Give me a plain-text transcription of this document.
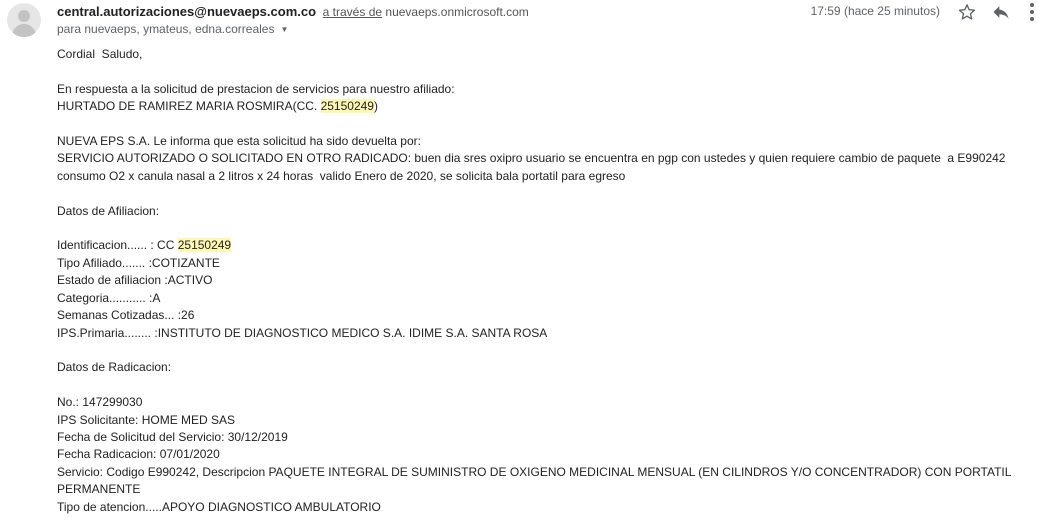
central.autorizaciones@nuevaeps.com.co a través de nuevaeps.onmicrosoft.com
para nuevaeps, ymateus, edna.correales ▼
17:59 (hace 25 minutos)

Cordial  Saludo,

En respuesta a la solicitud de prestacion de servicios para nuestro afiliado:

HURTADO DE RAMIREZ MARIA ROSMIRA(CC. 25150249)

NUEVA EPS S.A. Le informa que esta solicitud ha sido devuelta por:

SERVICIO AUTORIZADO O SOLICITADO EN OTRO RADICADO: buen dia sres oxipro usuario se encuentra en pgp con ustedes y quien requiere cambio de paquete  a E990242

consumo O2 x canula nasal a 2 litros x 24 horas  valido Enero de 2020, se solicita bala portatil para egreso

Datos de Afiliacion:

Identificacion...... : CC 25150249

Tipo Afiliado....... :COTIZANTE

Estado de afiliacion :ACTIVO

Categoria........... :A

Semanas Cotizadas... :26

IPS.Primaria........ :INSTITUTO DE DIAGNOSTICO MEDICO S.A. IDIME S.A. SANTA ROSA

Datos de Radicacion:

No.: 147299030

IPS Solicitante: HOME MED SAS

Fecha de Solicitud del Servicio: 30/12/2019

Fecha Radicacion: 07/01/2020

Servicio: Codigo E990242, Descripcion PAQUETE INTEGRAL DE SUMINISTRO DE OXIGENO MEDICINAL MENSUAL (EN CILINDROS Y/O CONCENTRADOR) CON PORTATIL

PERMANENTE

Tipo de atencion.....APOYO DIAGNOSTICO AMBULATORIO
